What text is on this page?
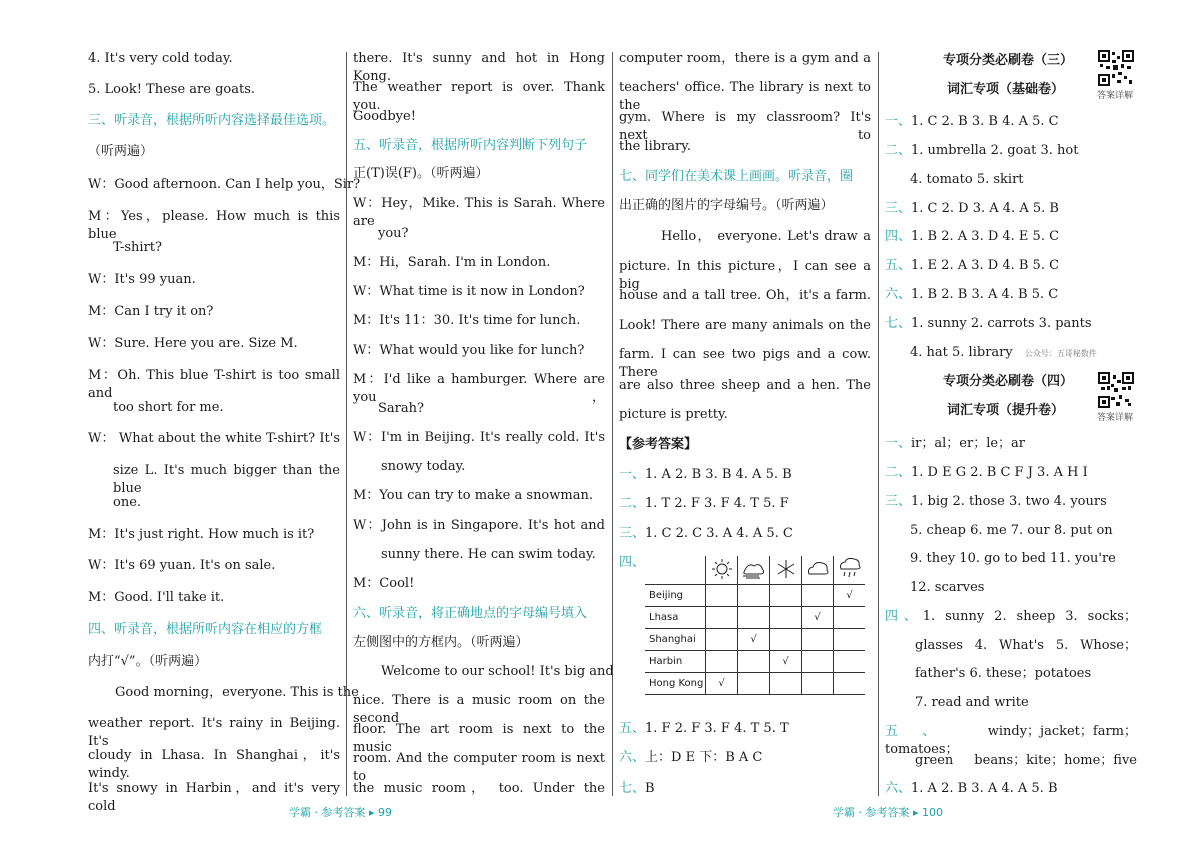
4. It's very cold today.
5. Look! These are goats.
三、听录音，根据所听内容选择最佳选项。
（听两遍）
W：Good afternoon. Can I help you，Sir?
M：Yes，please. How much is this blue
T-shirt?
W：It's 99 yuan.
M：Can I try it on?
W：Sure. Here you are. Size M.
M：Oh. This blue T-shirt is too small and
too short for me.
W： What about the white T-shirt? It's
size L. It's much bigger than the blue
one.
M：It's just right. How much is it?
W：It's 69 yuan. It's on sale.
M：Good. I'll take it.
四、听录音，根据所听内容在相应的方框
内打“√”。（听两遍）
Good morning，everyone. This is the
weather report. It's rainy in Beijing. It's
cloudy in Lhasa. In Shanghai，it's windy.
It's snowy in Harbin，and it's very cold
there. It's sunny and hot in Hong Kong.
The weather report is over. Thank you.
Goodbye!
五、听录音，根据所听内容判断下列句子
正(T)误(F)。（听两遍）
W：Hey，Mike. This is Sarah. Where are
you?
M：Hi，Sarah. I'm in London.
W：What time is it now in London?
M：It's 11：30. It's time for lunch.
W：What would you like for lunch?
M：I'd like a hamburger. Where are you，
Sarah?
W：I'm in Beijing. It's really cold. It's
snowy today.
M：You can try to make a snowman.
W：John is in Singapore. It's hot and
sunny there. He can swim today.
M：Cool!
六、听录音，将正确地点的字母编号填入
左侧图中的方框内。（听两遍）
Welcome to our school! It's big and
nice. There is a music room on the second
floor. The art room is next to the music
room. And the computer room is next to
the music room， too. Under the
computer room，there is a gym and a
teachers' office. The library is next to the
gym. Where is my classroom? It's next to
the library.
七、同学们在美术课上画画。听录音，圈
出正确的图片的字母编号。（听两遍）
Hello， everyone. Let's draw a
picture. In this picture，I can see a big
house and a tall tree. Oh，it's a farm.
Look! There are many animals on the
farm. I can see two pigs and a cow. There
are also three sheep and a hen. The
picture is pretty.
【参考答案】
一、1. A 2. B 3. B 4. A 5. B
二、1. T 2. F 3. F 4. T 5. F
三、1. C 2. C 3. A 4. A 5. C
四、

Beijing					√
Lhasa				√	
Shanghai		√			
Harbin			√		
Hong Kong	√				
五、1. F 2. F 3. F 4. T 5. T
六、上：D E 下：B A C
七、B
专项分类必刷卷（三）
词汇专项（基础卷）
一、1. C 2. B 3. B 4. A 5. C
二、1. umbrella 2. goat 3. hot
4. tomato 5. skirt
三、1. C 2. D 3. A 4. A 5. B
四、1. B 2. A 3. D 4. E 5. C
五、1. E 2. A 3. D 4. B 5. C
六、1. B 2. B 3. A 4. B 5. C
七、1. sunny 2. carrots 3. pants
4. hat 5. library 公众号：五哥秘数件
专项分类必刷卷（四）
词汇专项（提升卷）
一、ir；al；er；le；ar
二、1. D E G 2. B C F J 3. A H I
三、1. big 2. those 3. two 4. yours
5. cheap 6. me 7. our 8. put on
9. they 10. go to bed 11. you're
12. scarves
四、1. sunny 2. sheep 3. socks；
glasses 4. What's 5. Whose；
father's 6. these；potatoes
7. read and write
五、 windy；jacket；farm；tomatoes；
green beans；kite；home；five
六、1. A 2. B 3. A 4. A 5. B
答案详解
答案详解
学霸 · 参考答案 ▸ 99	学霸 · 参考答案 ▸ 100
